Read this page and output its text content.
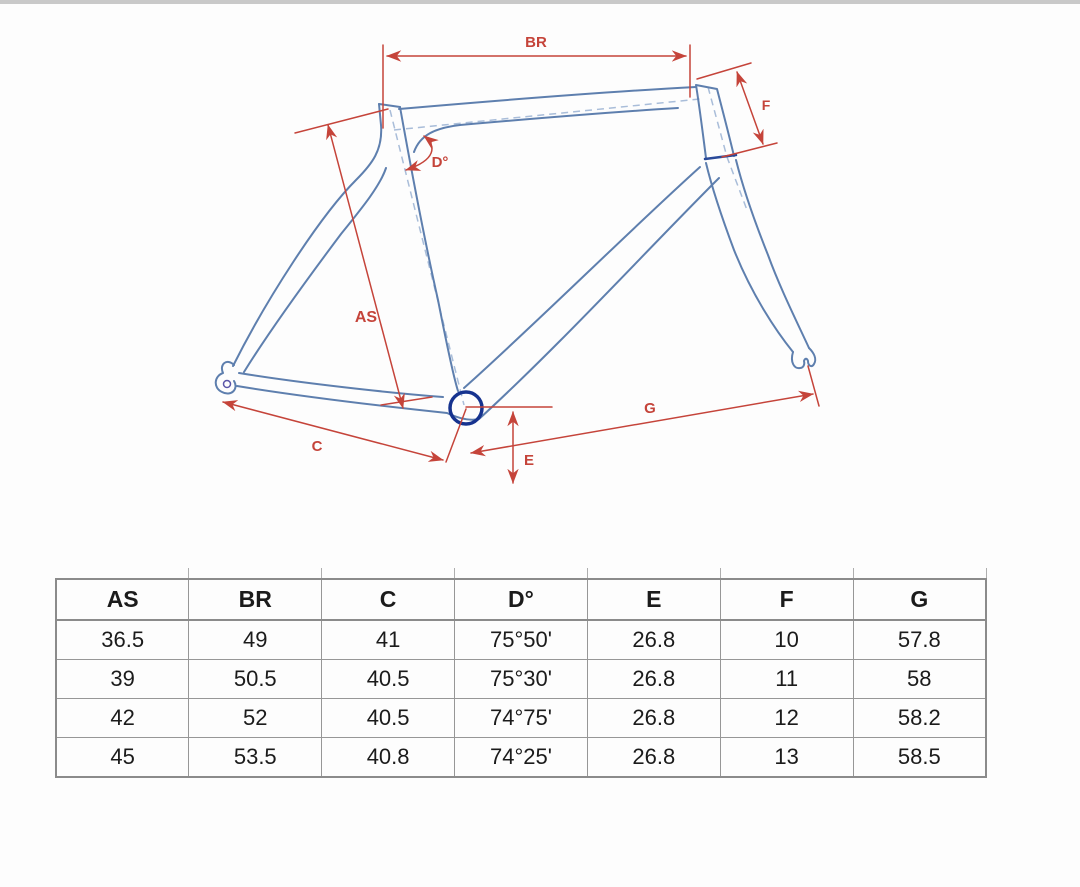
BR
F
D°
AS
C
E
G
AS	BR	C	D°	E	F	G
36.5	49	41	75°50'	26.8	10	57.8
39	50.5	40.5	75°30'	26.8	11	58
42	52	40.5	74°75'	26.8	12	58.2
45	53.5	40.8	74°25'	26.8	13	58.5
